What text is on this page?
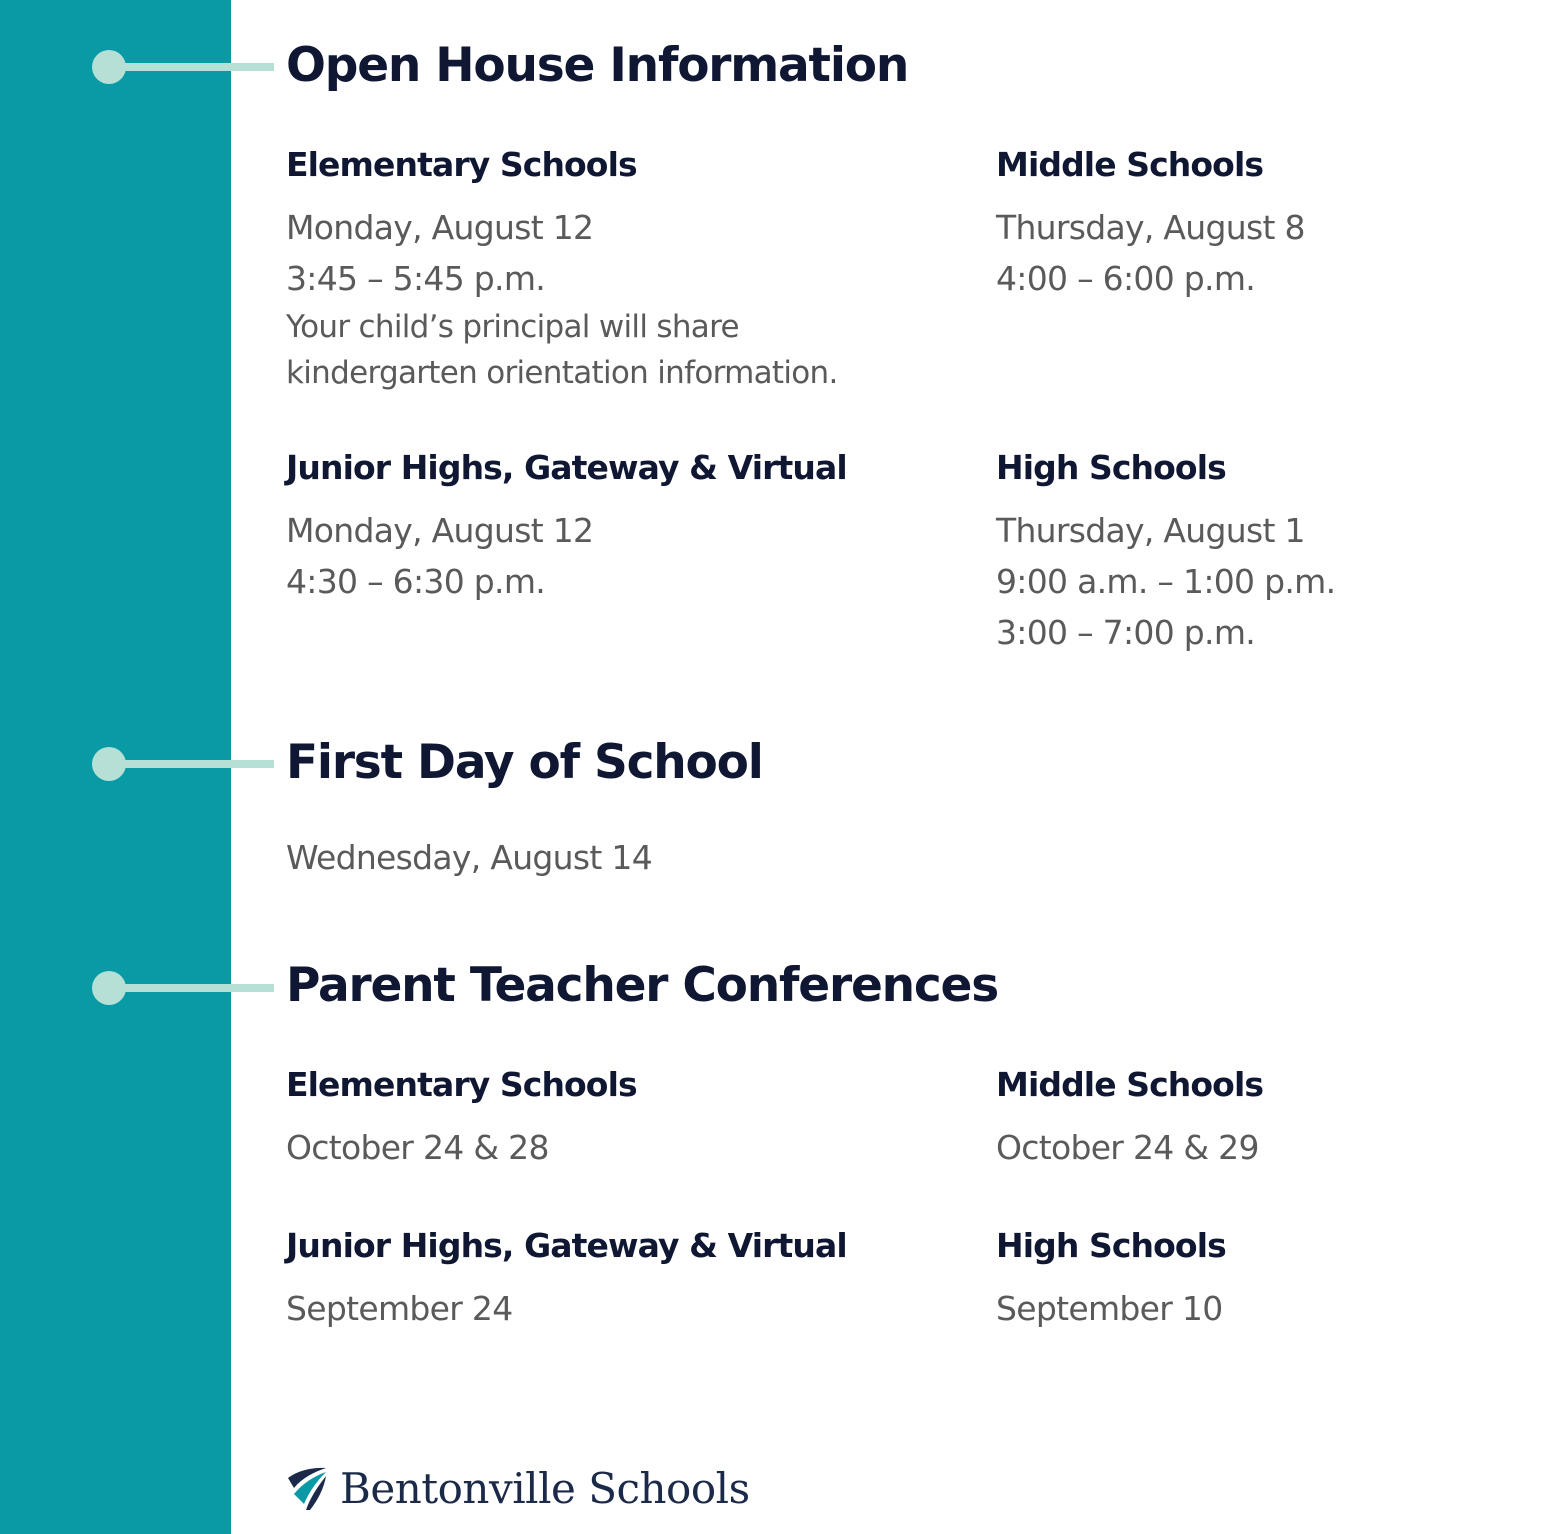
Open House Information
Elementary Schools
Monday, August 12
3:45 – 5:45 p.m.
Your child’s principal will share
kindergarten orientation information.
Middle Schools
Thursday, August 8
4:00 – 6:00 p.m.
Junior Highs, Gateway & Virtual
Monday, August 12
4:30 – 6:30 p.m.
High Schools
Thursday, August 1
9:00 a.m. – 1:00 p.m.
3:00 – 7:00 p.m.
First Day of School
Wednesday, August 14
Parent Teacher Conferences
Elementary Schools
October 24 & 28
Middle Schools
October 24 & 29
Junior Highs, Gateway & Virtual
September 24
High Schools
September 10
Bentonville Schools
